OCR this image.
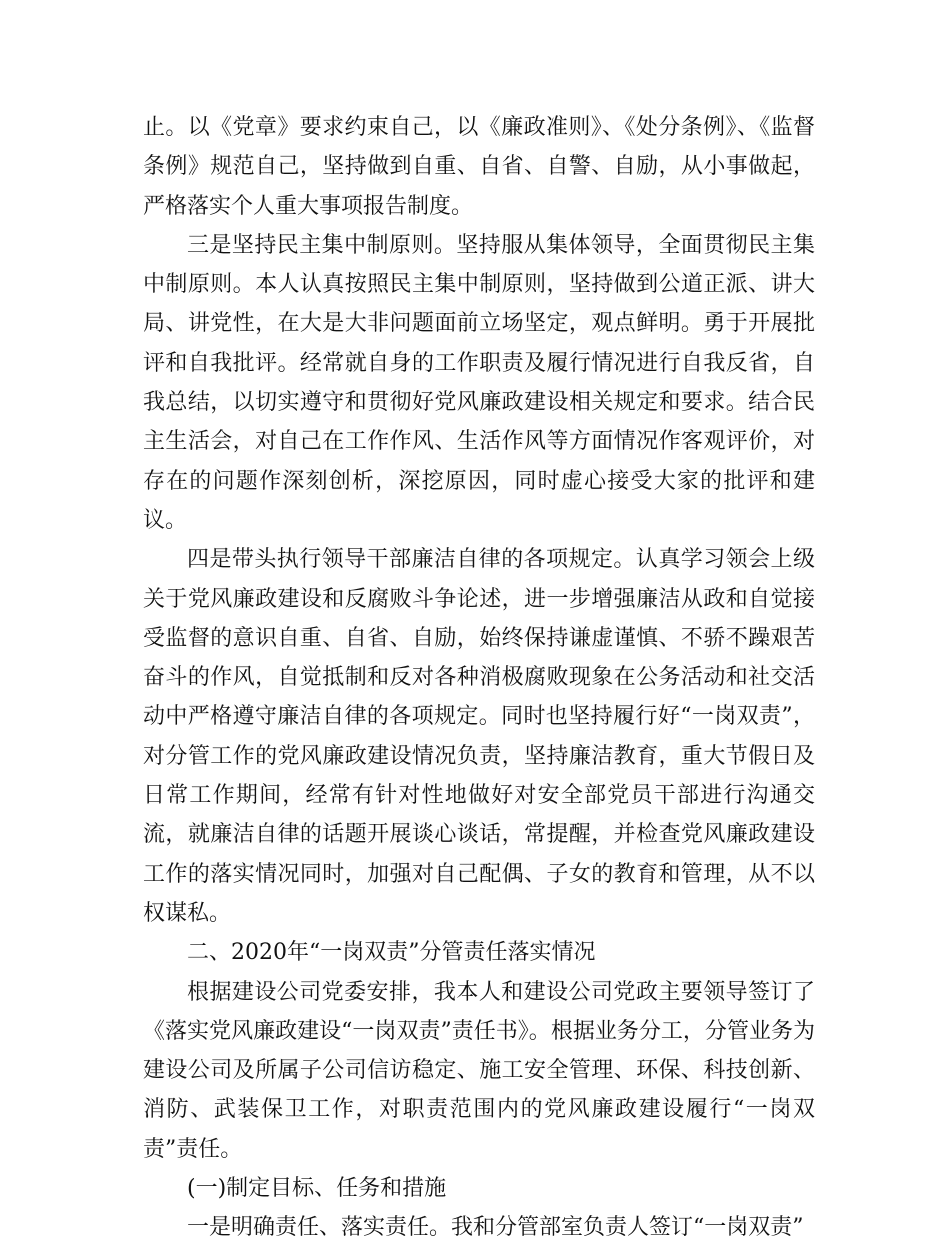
止。以《党章》要求约束自己，以《廉政准则》、《处分条例》、《监督条例》规范自己，坚持做到自重、自省、自警、自励，从小事做起，严格落实个人重大事项报告制度。

三是坚持民主集中制原则。坚持服从集体领导，全面贯彻民主集中制原则。本人认真按照民主集中制原则，坚持做到公道正派、讲大局、讲党性，在大是大非问题面前立场坚定，观点鲜明。勇于开展批评和自我批评。经常就自身的工作职责及履行情况进行自我反省，自我总结，以切实遵守和贯彻好党风廉政建设相关规定和要求。结合民主生活会，对自己在工作作风、生活作风等方面情况作客观评价，对存在的问题作深刻创析，深挖原因，同时虚心接受大家的批评和建议。

四是带头执行领导干部廉洁自律的各项规定。认真学习领会上级关于党风廉政建设和反腐败斗争论述，进一步增强廉洁从政和自觉接受监督的意识自重、自省、自励，始终保持谦虚谨慎、不骄不躁艰苦奋斗的作风，自觉抵制和反对各种消极腐败现象在公务活动和社交活动中严格遵守廉洁自律的各项规定。同时也坚持履行好“一岗双责”，对分管工作的党风廉政建设情况负责，坚持廉洁教育，重大节假日及日常工作期间，经常有针对性地做好对安全部党员干部进行沟通交流，就廉洁自律的话题开展谈心谈话，常提醒，并检查党风廉政建设工作的落实情况同时，加强对自己配偶、子女的教育和管理，从不以权谋私。

二、2020年“一岗双责”分管责任落实情况

根据建设公司党委安排，我本人和建设公司党政主要领导签订了《落实党风廉政建设“一岗双责”责任书》。根据业务分工，分管业务为建设公司及所属子公司信访稳定、施工安全管理、环保、科技创新、消防、武装保卫工作，对职责范围内的党风廉政建设履行“一岗双责”责任。

(一)制定目标、任务和措施

一是明确责任、落实责任。我和分管部室负责人签订“一岗双责”
